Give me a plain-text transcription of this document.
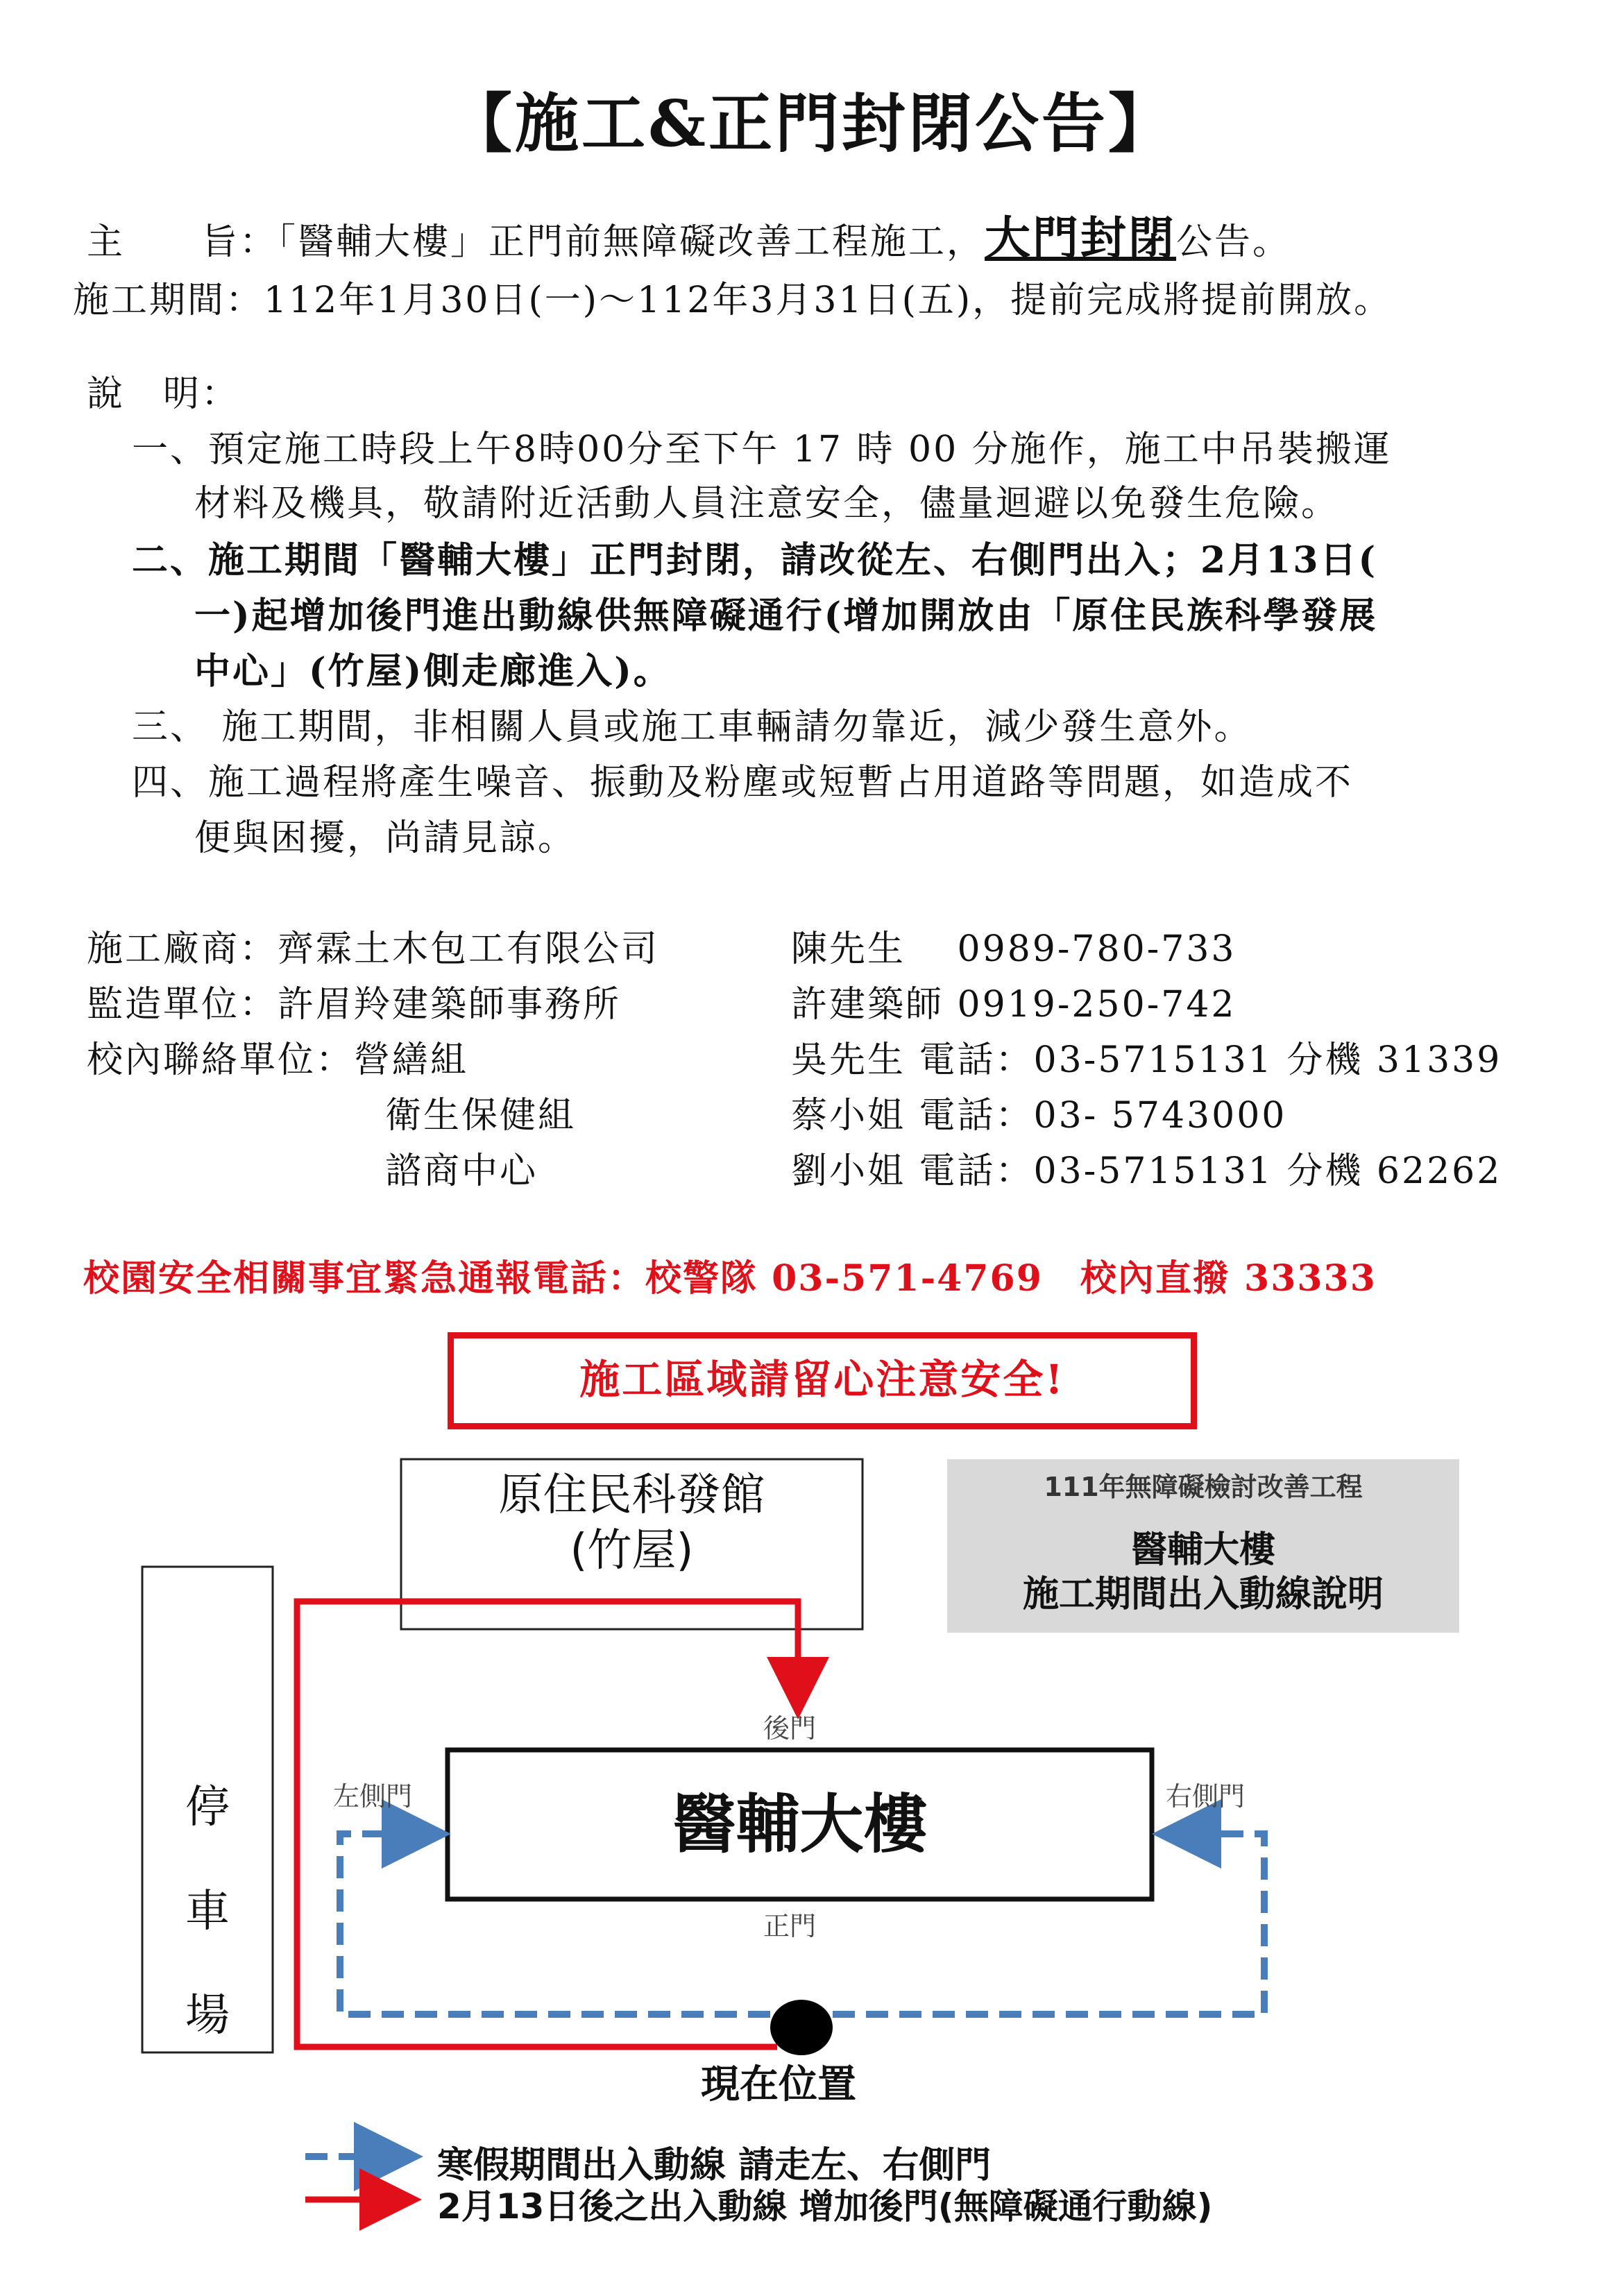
【施工&正門封閉公告】
主　　旨：「醫輔大樓」正門前無障礙改善工程施工，大門封閉公告。
施工期間：112年1月30日(一)～112年3月31日(五)，提前完成將提前開放。
說　明：
一、預定施工時段上午8時00分至下午 17 時 00 分施作，施工中吊裝搬運
材料及機具，敬請附近活動人員注意安全，儘量迴避以免發生危險。
二、施工期間「醫輔大樓」正門封閉，請改從左、右側門出入；2月13日(
一)起增加後門進出動線供無障礙通行(增加開放由「原住民族科學發展
中心」(竹屋)側走廊進入)。
三、 施工期間，非相關人員或施工車輛請勿靠近，減少發生意外。
四、施工過程將產生噪音、振動及粉塵或短暫占用道路等問題，如造成不
便與困擾，尚請見諒。
施工廠商：齊霖土木包工有限公司	陳先生　 0989-780-733
監造單位：許眉羚建築師事務所	許建築師 0919-250-742
校內聯絡單位：營繕組	吳先生 電話：03-5715131 分機 31339
衛生保健組	蔡小姐 電話：03- 5743000
諮商中心	劉小姐 電話：03-5715131 分機 62262
校園安全相關事宜緊急通報電話：校警隊 03-571-4769　校內直撥 33333
施工區域請留心注意安全!
原住民科發館
(竹屋)
111年無障礙檢討改善工程
醫輔大樓
施工期間出入動線說明
停
車
場
醫輔大樓
後門
左側門	右側門
正門
現在位置
寒假期間出入動線 請走左、右側門
2月13日後之出入動線 增加後門(無障礙通行動線)
